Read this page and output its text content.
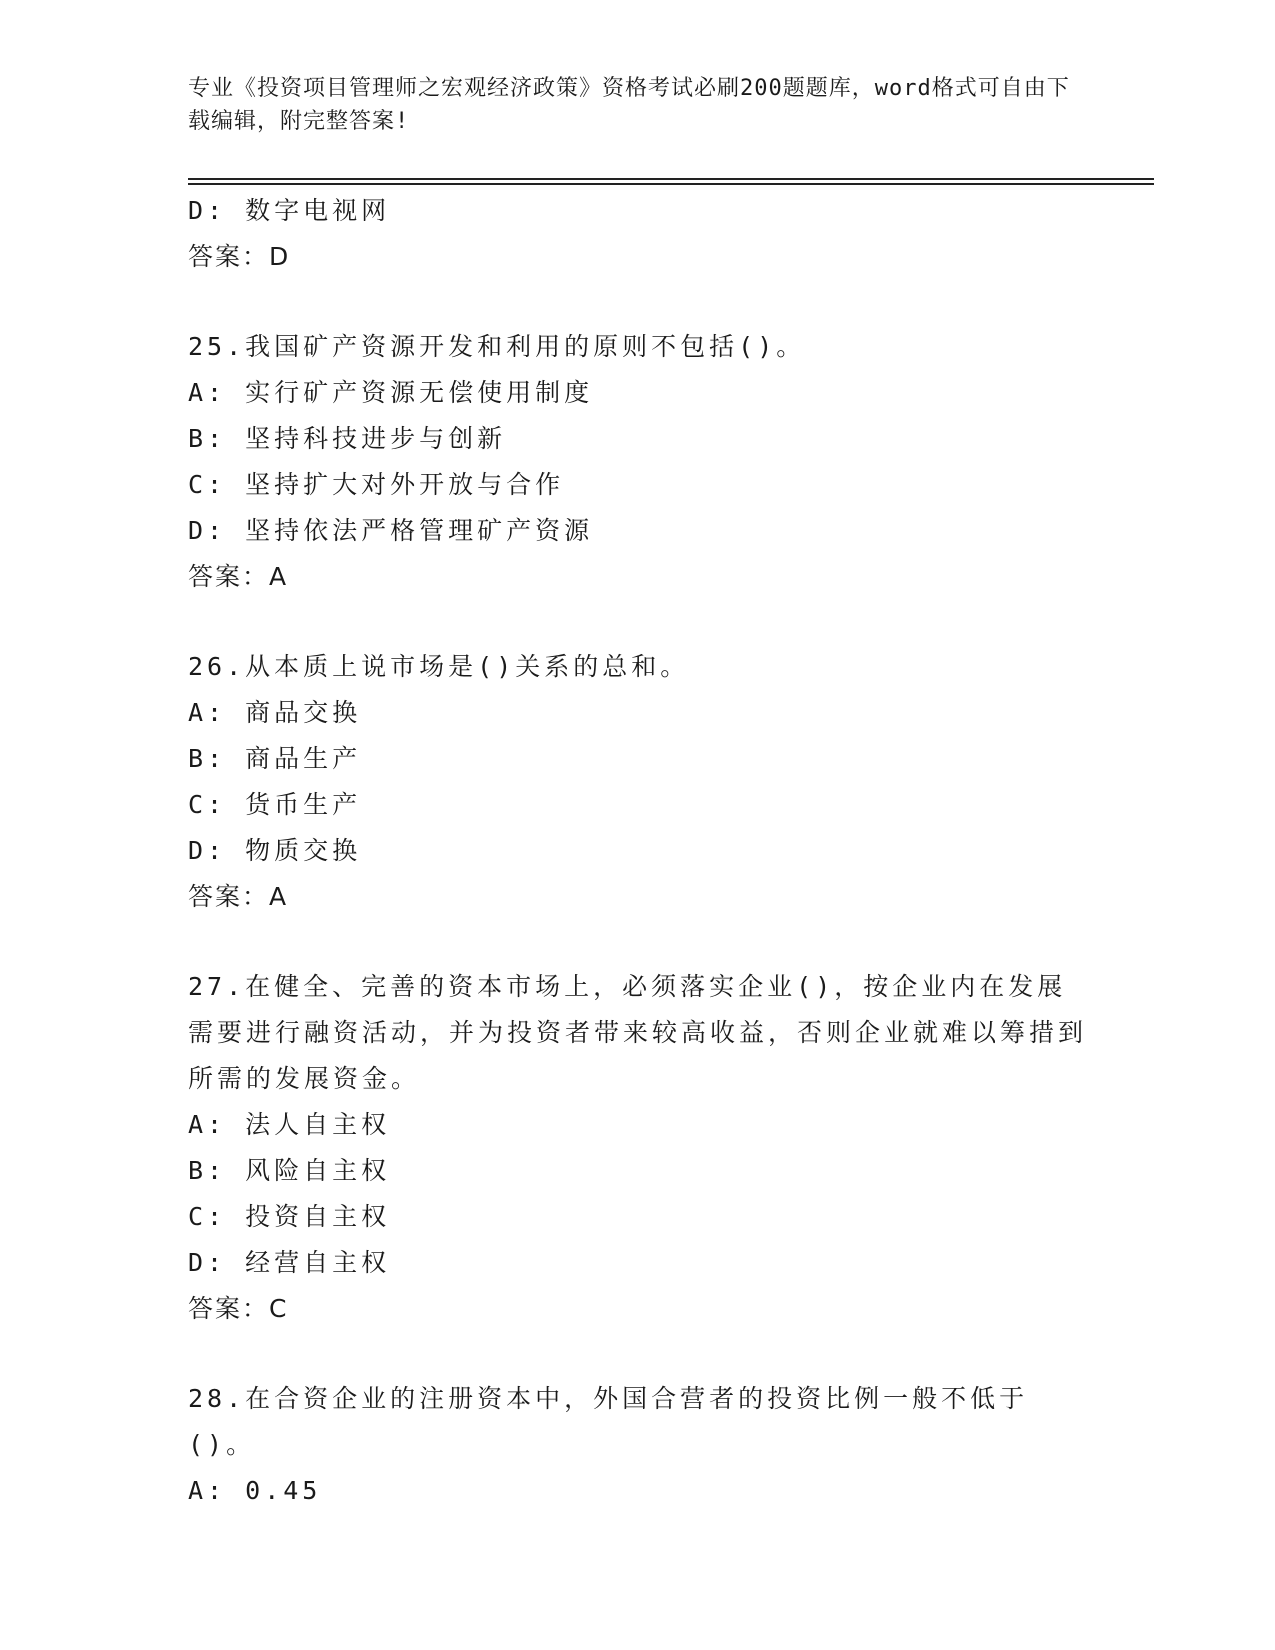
专业《投资项目管理师之宏观经济政策》资格考试必刷200题题库，word格式可自由下载编辑，附完整答案!
D: 数字电视网
答案：D
25.我国矿产资源开发和利用的原则不包括()。
A: 实行矿产资源无偿使用制度
B: 坚持科技进步与创新
C: 坚持扩大对外开放与合作
D: 坚持依法严格管理矿产资源
答案：A
26.从本质上说市场是()关系的总和。
A: 商品交换
B: 商品生产
C: 货币生产
D: 物质交换
答案：A
27.在健全、完善的资本市场上，必须落实企业()，按企业内在发展需要进行融资活动，并为投资者带来较高收益，否则企业就难以筹措到所需的发展资金。
A: 法人自主权
B: 风险自主权
C: 投资自主权
D: 经营自主权
答案：C
28.在合资企业的注册资本中，外国合营者的投资比例一般不低于()。
A: 0.45
